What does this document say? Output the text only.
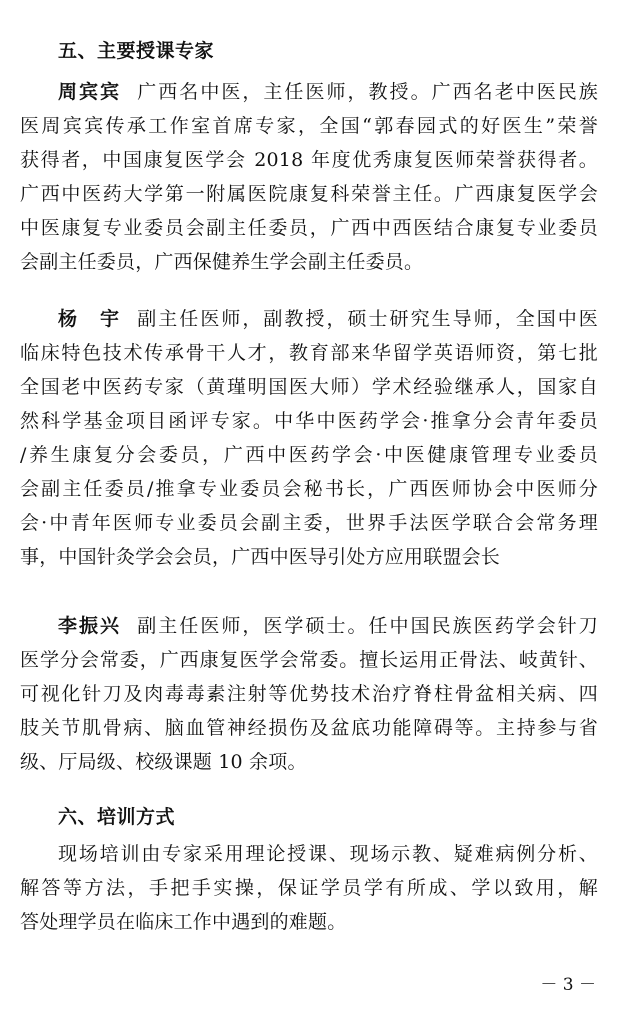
五、主要授课专家
周宾宾 广西名中医，主任医师，教授。广西名老中医民族
医周宾宾传承工作室首席专家，全国“郭春园式的好医生”荣誉
获得者，中国康复医学会 2018 年度优秀康复医师荣誉获得者。
广西中医药大学第一附属医院康复科荣誉主任。广西康复医学会
中医康复专业委员会副主任委员，广西中西医结合康复专业委员
会副主任委员，广西保健养生学会副主任委员。
杨　宇 副主任医师，副教授，硕士研究生导师，全国中医
临床特色技术传承骨干人才，教育部来华留学英语师资，第七批
全国老中医药专家（黄瑾明国医大师）学术经验继承人，国家自
然科学基金项目函评专家。中华中医药学会·推拿分会青年委员
/养生康复分会委员，广西中医药学会·中医健康管理专业委员
会副主任委员/推拿专业委员会秘书长，广西医师协会中医师分
会·中青年医师专业委员会副主委，世界手法医学联合会常务理
事，中国针灸学会会员，广西中医导引处方应用联盟会长
李振兴 副主任医师，医学硕士。任中国民族医药学会针刀
医学分会常委，广西康复医学会常委。擅长运用正骨法、岐黄针、
可视化针刀及肉毒毒素注射等优势技术治疗脊柱骨盆相关病、四
肢关节肌骨病、脑血管神经损伤及盆底功能障碍等。主持参与省
级、厅局级、校级课题 10 余项。
六、培训方式
现场培训由专家采用理论授课、现场示教、疑难病例分析、
解答等方法，手把手实操，保证学员学有所成、学以致用，解
答处理学员在临床工作中遇到的难题。
－ 3 －
